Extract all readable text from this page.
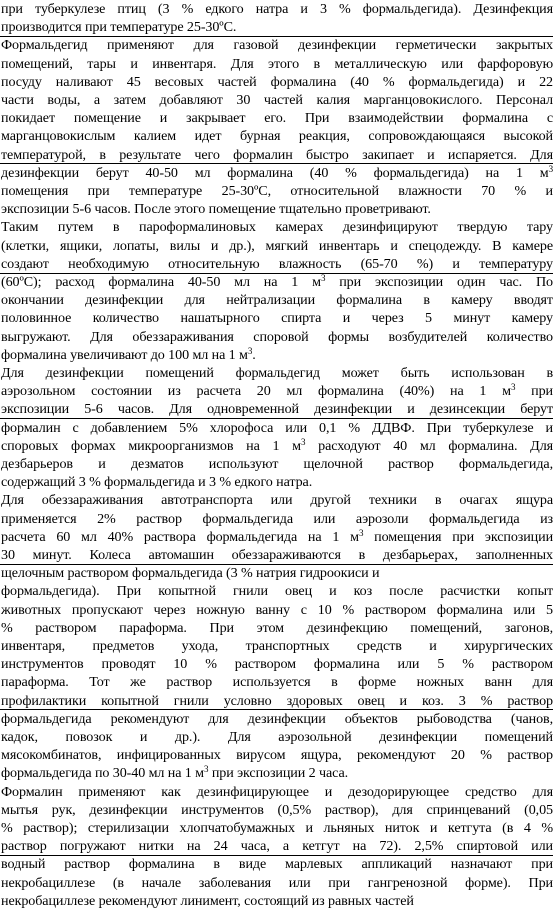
при туберкулезе птиц (3 % едкого натра и 3 % формальдегида). Дезинфекция
производится при температуре 25-30ºС.
Формальдегид применяют для газовой дезинфекции герметически закрытых
помещений, тары и инвентаря. Для этого в металлическую или фарфоровую
посуду наливают 45 весовых частей формалина (40 % формальдегида) и 22
части воды, а затем добавляют 30 частей калия марганцовокислого. Персонал
покидает помещение и закрывает его. При взаимодействии формалина с
марганцовокислым калием идет бурная реакция, сопровождающаяся высокой
температурой, в результате чего формалин быстро закипает и испаряется. Для
дезинфекции берут 40-50 мл формалина (40 % формальдегида) на 1 $м^3$
помещения при температуре 25-30ºС, относительной влажности 70 % и
экспозиции 5-6 часов. После этого помещение тщательно проветривают.
Таким путем в пароформалиновых камерах дезинфицируют твердую тару
(клетки, ящики, лопаты, вилы и др.), мягкий инвентарь и спецодежду. В камере
создают необходимую относительную влажность (65-70 %) и температуру
(60ºС); расход формалина 40-50 мл на 1 $м^3$ при экспозиции один час. По
окончании дезинфекции для нейтрализации формалина в камеру вводят
половинное количество нашатырного спирта и через 5 минут камеру
выгружают. Для обеззараживания споровой формы возбудителей количество
формалина увеличивают до 100 мл на 1 $м^3$.
Для дезинфекции помещений формальдегид может быть использован в
аэрозольном состоянии из расчета 20 мл формалина (40%) на 1 $м^3$ при
экспозиции 5-6 часов. Для одновременной дезинфекции и дезинсекции берут
формалин с добавлением 5% хлорофоса или 0,1 % ДДВФ. При туберкулезе и
споровых формах микроорганизмов на 1 $м^3$ расходуют 40 мл формалина. Для
дезбарьеров и дезматов используют щелочной раствор формальдегида,
содержащий 3 % формальдегида и 3 % едкого натра.
Для обеззараживания автотранспорта или другой техники в очагах ящура
применяется 2% раствор формальдегида или аэрозоли формальдегида из
расчета 60 мл 40% раствора формальдегида на 1 $м^3$ помещения при экспозиции
30 минут. Колеса автомашин обеззараживаются в дезбарьерах, заполненных
щелочным раствором формальдегида (3 % натрия гидроокиси и
формальдегида). При копытной гнили овец и коз после расчистки копыт
животных пропускают через ножную ванну с 10 % раствором формалина или 5
% раствором параформа. При этом дезинфекцию помещений, загонов,
инвентаря, предметов ухода, транспортных средств и хирургических
инструментов проводят 10 % раствором формалина или 5 % раствором
параформа. Тот же раствор используется в форме ножных ванн для
профилактики копытной гнили условно здоровых овец и коз. 3 % раствор
формальдегида рекомендуют для дезинфекции объектов рыбоводства (чанов,
кадок, повозок и др.). Для аэрозольной дезинфекции помещений
мясокомбинатов, инфицированных вирусом ящура, рекомендуют 20 % раствор
формальдегида по 30-40 мл на 1 $м^3$ при экспозиции 2 часа.
Формалин применяют как дезинфицирующее и дезодорирующее средство для
мытья рук, дезинфекции инструментов (0,5% раствор), для спринцеваний (0,05
% раствор); стерилизации хлопчатобумажных и льняных ниток и кетгута (в 4 %
раствор погружают нитки на 24 часа, а кетгут на 72). 2,5% спиртовой или
водный раствор формалина в виде марлевых аппликаций назначают при
некробациллезе (в начале заболевания или при гангренозной форме). При
некробациллезе рекомендуют линимент, состоящий из равных частей
